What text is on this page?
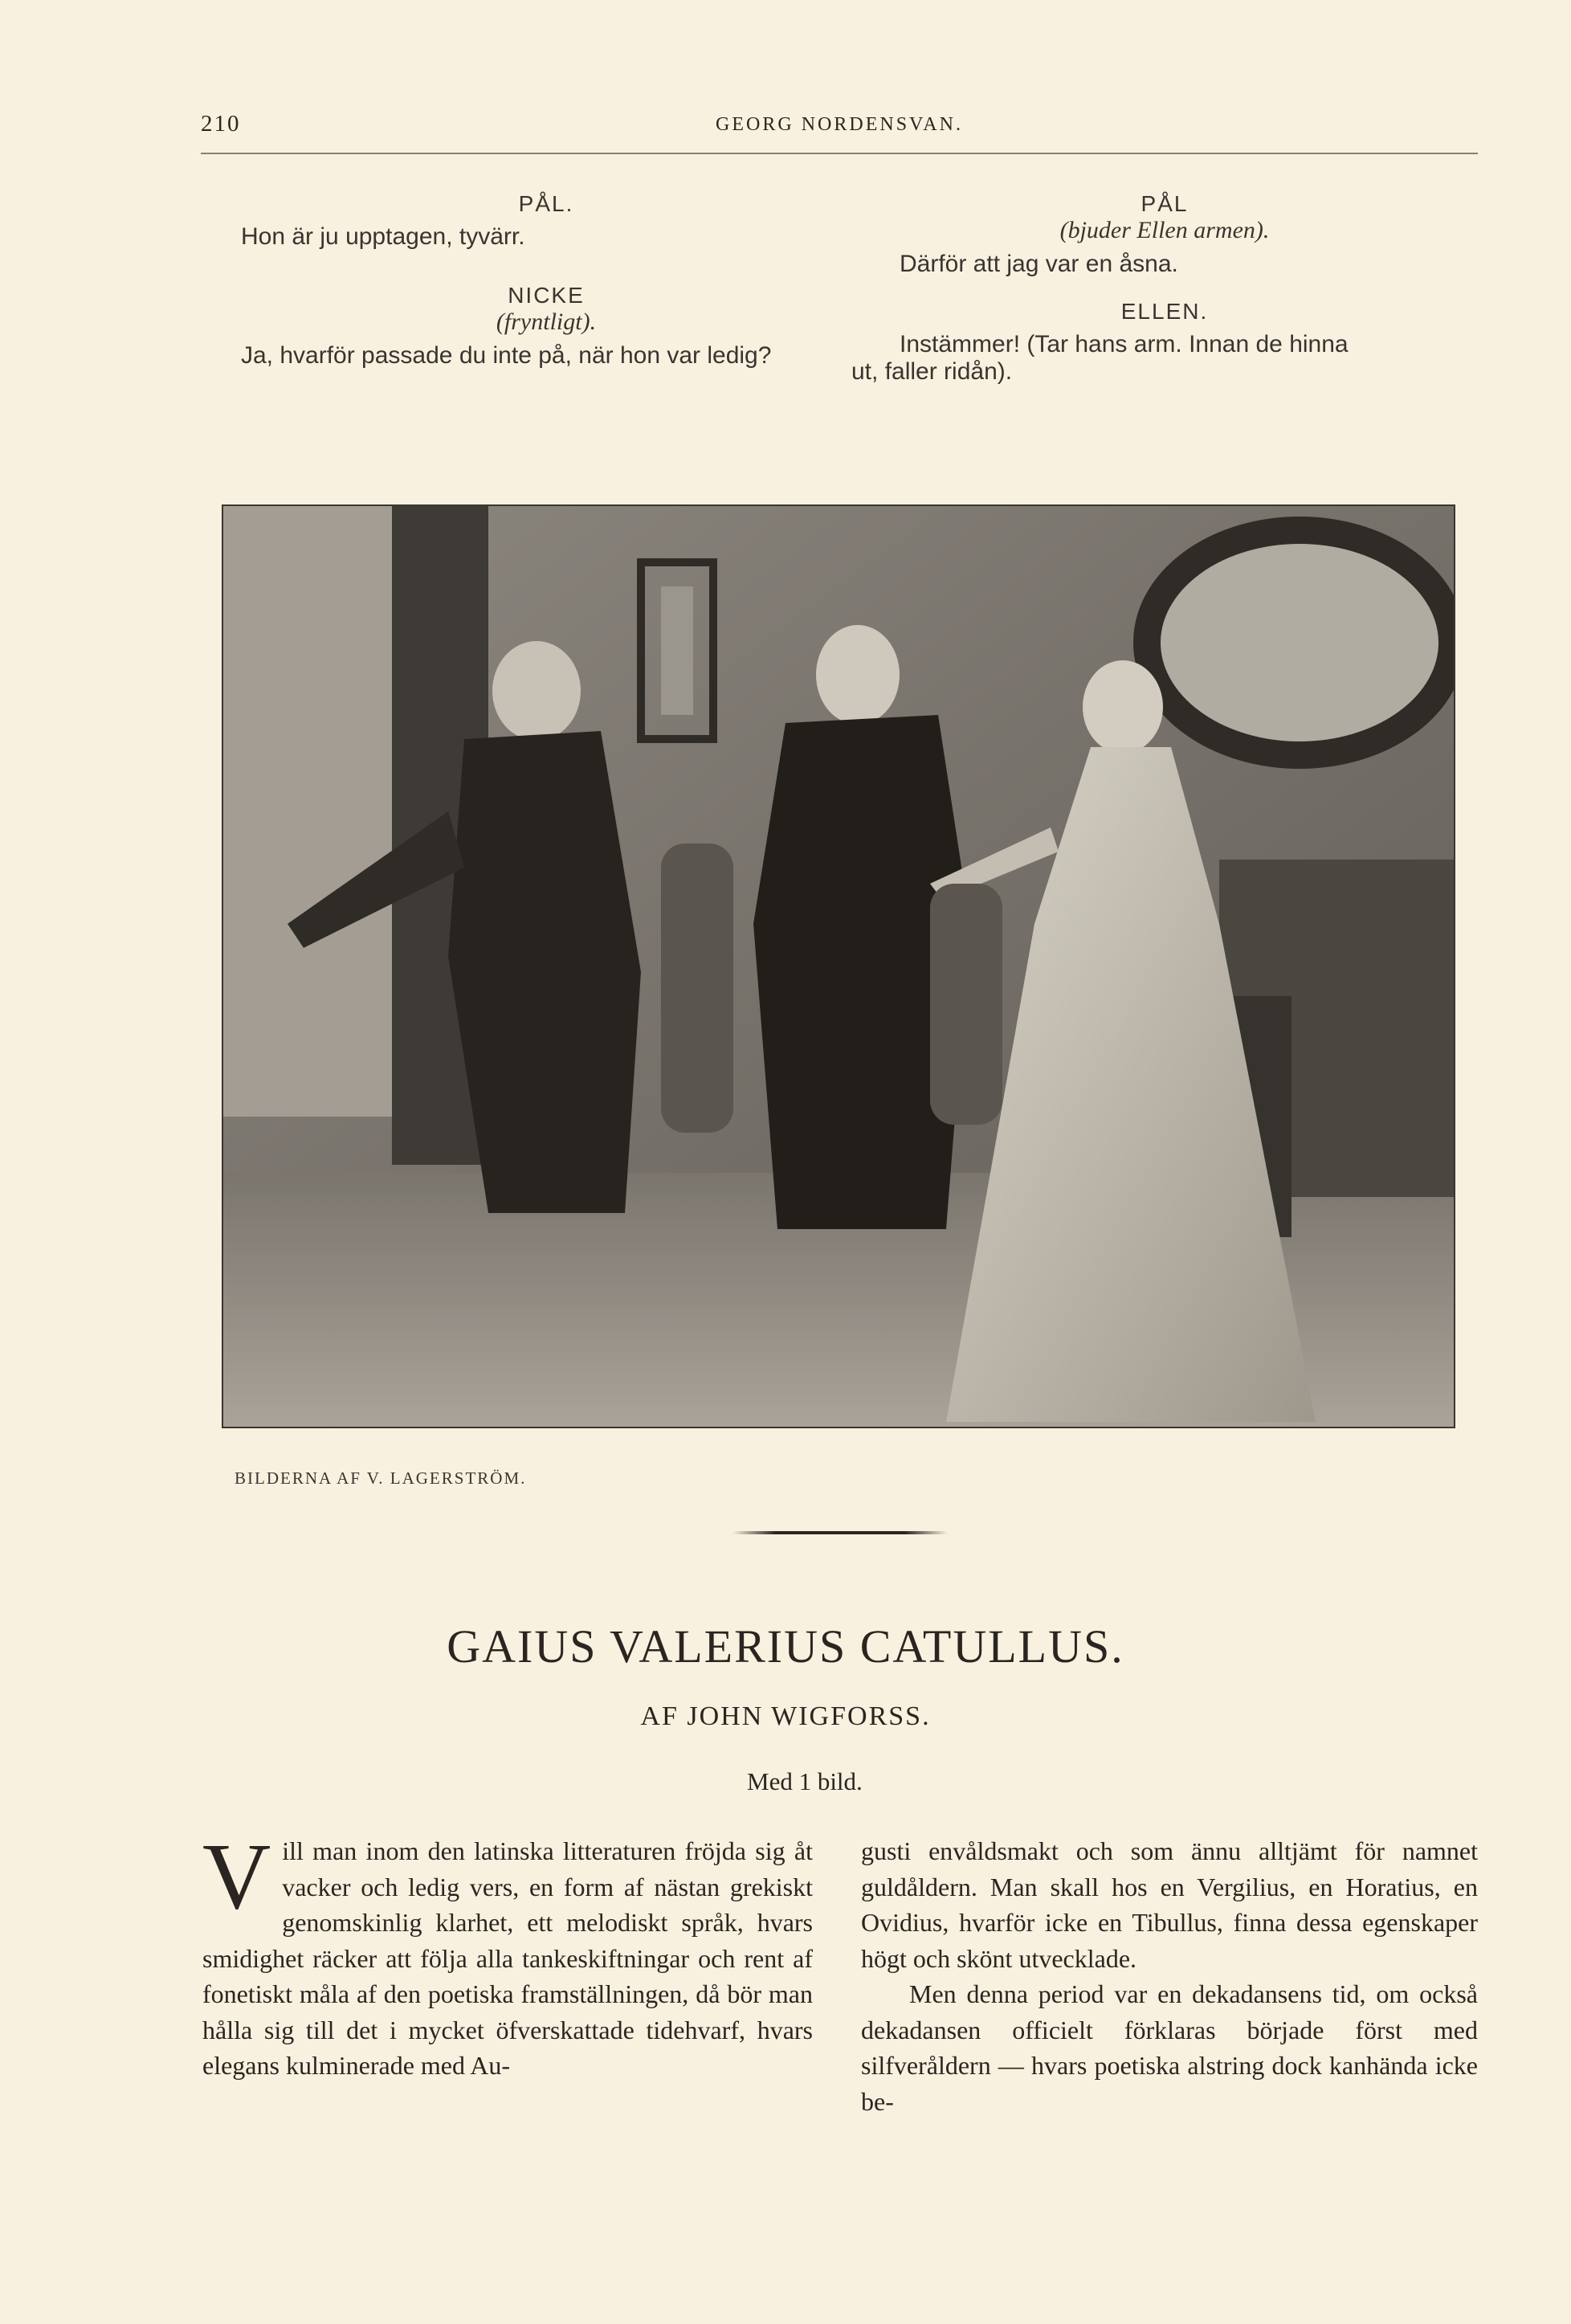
210	GEORG NORDENSVAN.
PÅL.
Hon är ju upptagen, tyvärr.
NICKE
(fryntligt).
Ja, hvarför passade du inte på, när hon var ledig?
PÅL
(bjuder Ellen armen).
Därför att jag var en åsna.
ELLEN.
Instämmer! (Tar hans arm. Innan de hinna
ut, faller ridån).
BILDERNA AF V. LAGERSTRÖM.
GAIUS VALERIUS CATULLUS.
AF JOHN WIGFORSS.
Med 1 bild.
V ill man inom den latinska litteraturen fröjda sig åt vacker och ledig vers, en form af nästan grekiskt genomskinlig klarhet, ett melodiskt språk, hvars smidighet räcker att följa alla tankeskiftningar och rent af fonetiskt måla af den poetiska framställningen, då bör man hålla sig till det i mycket öfverskattade tidehvarf, hvars elegans kulminerade med Au-
gusti envåldsmakt och som ännu alltjämt för namnet guldåldern. Man skall hos en Vergilius, en Horatius, en Ovidius, hvarför icke en Tibullus, finna dessa egenskaper högt och skönt utvecklade.
Men denna period var en dekadansens tid, om också dekadansen officielt förklaras började först med silfveråldern — hvars poetiska alstring dock kanhända icke be-
